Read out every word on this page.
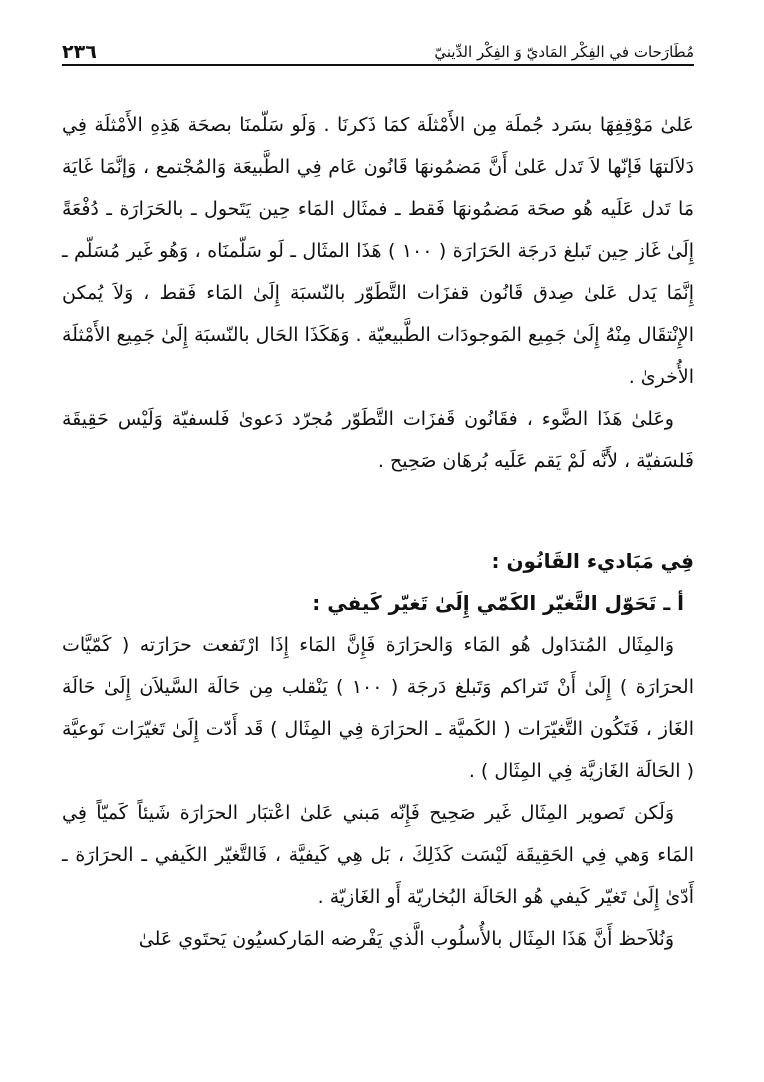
مُطَارَحات في الفِكْر المَاديّ وَ الفِكْر الدِّينيّ
٢٣٦

عَلىٰ مَوْقِفِهَا بسَرد جُملَة مِن الأَمْثلَة كمَا ذَكرنَا . وَلَو سَلّمنَا بصحَة هَذِهِ الأَمْثلَة فِي دَلاَلتهَا فَإنّها لاَ تَدل عَلىٰ أَنَّ مَضمُونهَا قَانُون عَام فِي الطَّبيعَة وَالمُجْتمع ، وَإنَّمَا غَايَة مَا تَدل عَلَيه هُو صحَة مَضمُونهَا فَقط ـ فمثَال المَاء حِين يَتَحول ـ بالحَرَارَة ـ دُفْعَةً إِلَىٰ غَاز حِين تَبلغ دَرجَة الحَرَارَة ( ١٠٠ ) هَذَا المثَال ـ لَو سَلّمنَاه ، وَهُو غَير مُسَلّم ـ إِنَّمَا يَدل عَلىٰ صِدق قَانُون قفزَات التَّطَوّر بالنّسبَة إِلَىٰ المَاء فَقط ، وَلاَ يُمكن الإِنْتقَال مِنْهُ إِلَىٰ جَمِيع المَوجودَات الطَّبيعيّة . وَهَكَذَا الحَال بالنّسبَة إِلَىٰ جَمِيع الأَمْثلَة الأُخرىٰ .

وعَلىٰ هَذَا الضَّوء ، فقَانُون قَفزَات التَّطَوّر مُجرّد دَعوىٰ فَلسفيّة وَلَيْس حَقِيقَة فَلسَفيّة ، لأَنَّه لَمْ يَقم عَلَيه بُرهَان صَحِيح .

فِي مَبَاديء القَانُون :

أ ـ تَحَوّل التَّغيّر الكَمّي إِلَىٰ تَغيّر كَيفي :

وَالمِثَال المُتدَاول هُو المَاء وَالحرَارَة فَإِنَّ المَاء إِذَا ارْتَفعت حرَارَته ( كَمّيَّات الحرَارَة ) إِلَىٰ أَنْ تَتراكم وَتَبلغ دَرجَة ( ١٠٠ ) يَنْقلب مِن حَالَة السَّيلاَن إِلَىٰ حَالَة الغَاز ، فَتَكُون التَّغيّرَات ( الكَميَّة ـ الحرَارَة فِي المِثَال ) قَد أَدّت إِلَىٰ تَغيّرَات نَوعيَّة ( الحَالَة الغَازيَّة فِي المِثَال ) .

وَلَكن تَصوير المِثَال غَير صَحِيح فَإِنّه مَبني عَلىٰ اعْتبَار الحرَارَة شَيئاً كَميّاً فِي المَاء وَهي فِي الحَقِيقَة لَيْسَت كَذَلِكَ ، بَل هِي كَيفيَّة ، فَالتَّغيّر الكَيفي ـ الحرَارَة ـ أَدّىٰ إِلَىٰ تَغيّر كَيفي هُو الحَالَة البُخاريّة أَو الغَازيّة .

وَنُلاَحظ أَنَّ هَذَا المِثَال بالأُسلُوب الَّذي يَفْرضه المَاركسيُون يَحتَوي عَلىٰ
